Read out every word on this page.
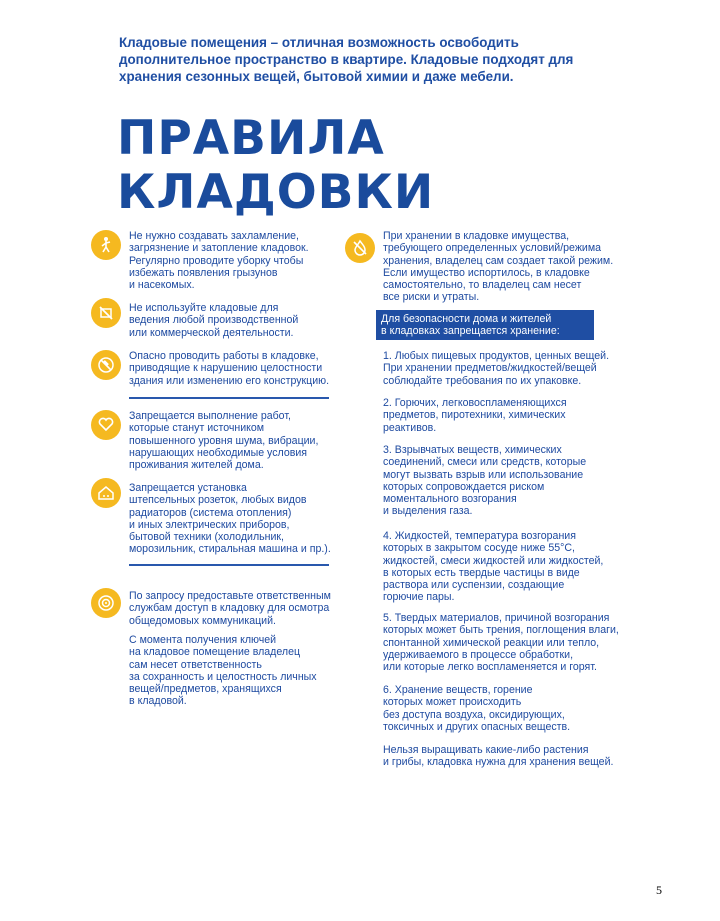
Кладовые помещения – отличная возможность освободить дополнительное пространство в квартире. Кладовые подходят для хранения сезонных вещей, бытовой химии и даже мебели.
ПРАВИЛА
КЛАДОВКИ
Не нужно создавать захламление,
загрязнение и затопление кладовок.
Регулярно проводите уборку чтобы
избежать появления грызунов
и насекомых.
Не используйте кладовые для
ведения любой производственной
или коммерческой деятельности.
Опасно проводить работы в кладовке,
приводящие к нарушению целостности
здания или изменению его конструкцию.
Запрещается выполнение работ,
которые станут источником
повышенного уровня шума, вибрации,
нарушающих необходимые условия
проживания жителей дома.
Запрещается установка
штепсельных розеток, любых видов
радиаторов (система отопления)
и иных электрических приборов,
бытовой техники (холодильник,
морозильник, стиральная машина и пр.).
По запросу предоставьте ответственным
службам доступ в кладовку для осмотра
общедомовых коммуникаций.
С момента получения ключей
на кладовое помещение владелец
сам несет ответственность
за сохранность и целостность личных
вещей/предметов, хранящихся
в кладовой.
При хранении в кладовке имущества,
требующего определенных условий/режима
хранения, владелец сам создает такой режим.
Если имущество испортилось, в кладовке
самостоятельно, то владелец сам несет
все риски и утраты.
Для безопасности дома и жителей
в кладовках запрещается хранение:
1. Любых пищевых продуктов, ценных вещей.
При хранении предметов/жидкостей/вещей
соблюдайте требования по их упаковке.
2. Горючих, легковоспламеняющихся
предметов, пиротехники, химических
реактивов.
3. Взрывчатых веществ, химических
соединений, смеси или средств, которые
могут вызвать взрыв или использование
которых сопровождается риском
моментального возгорания
и выделения газа.
4. Жидкостей, температура возгорания
которых в закрытом сосуде ниже 55°С,
жидкостей, смеси жидкостей или жидкостей,
в которых есть твердые частицы в виде
раствора или суспензии, создающие
горючие пары.
5. Твердых материалов, причиной возгорания
которых может быть трения, поглощения влаги,
спонтанной химической реакции или тепло,
удерживаемого в процессе обработки,
или которые легко воспламеняется и горят.
6. Хранение веществ, горение
которых может происходить
без доступа воздуха, оксидирующих,
токсичных и других опасных веществ.
Нельзя выращивать какие-либо растения
и грибы, кладовка нужна для хранения вещей.
5
